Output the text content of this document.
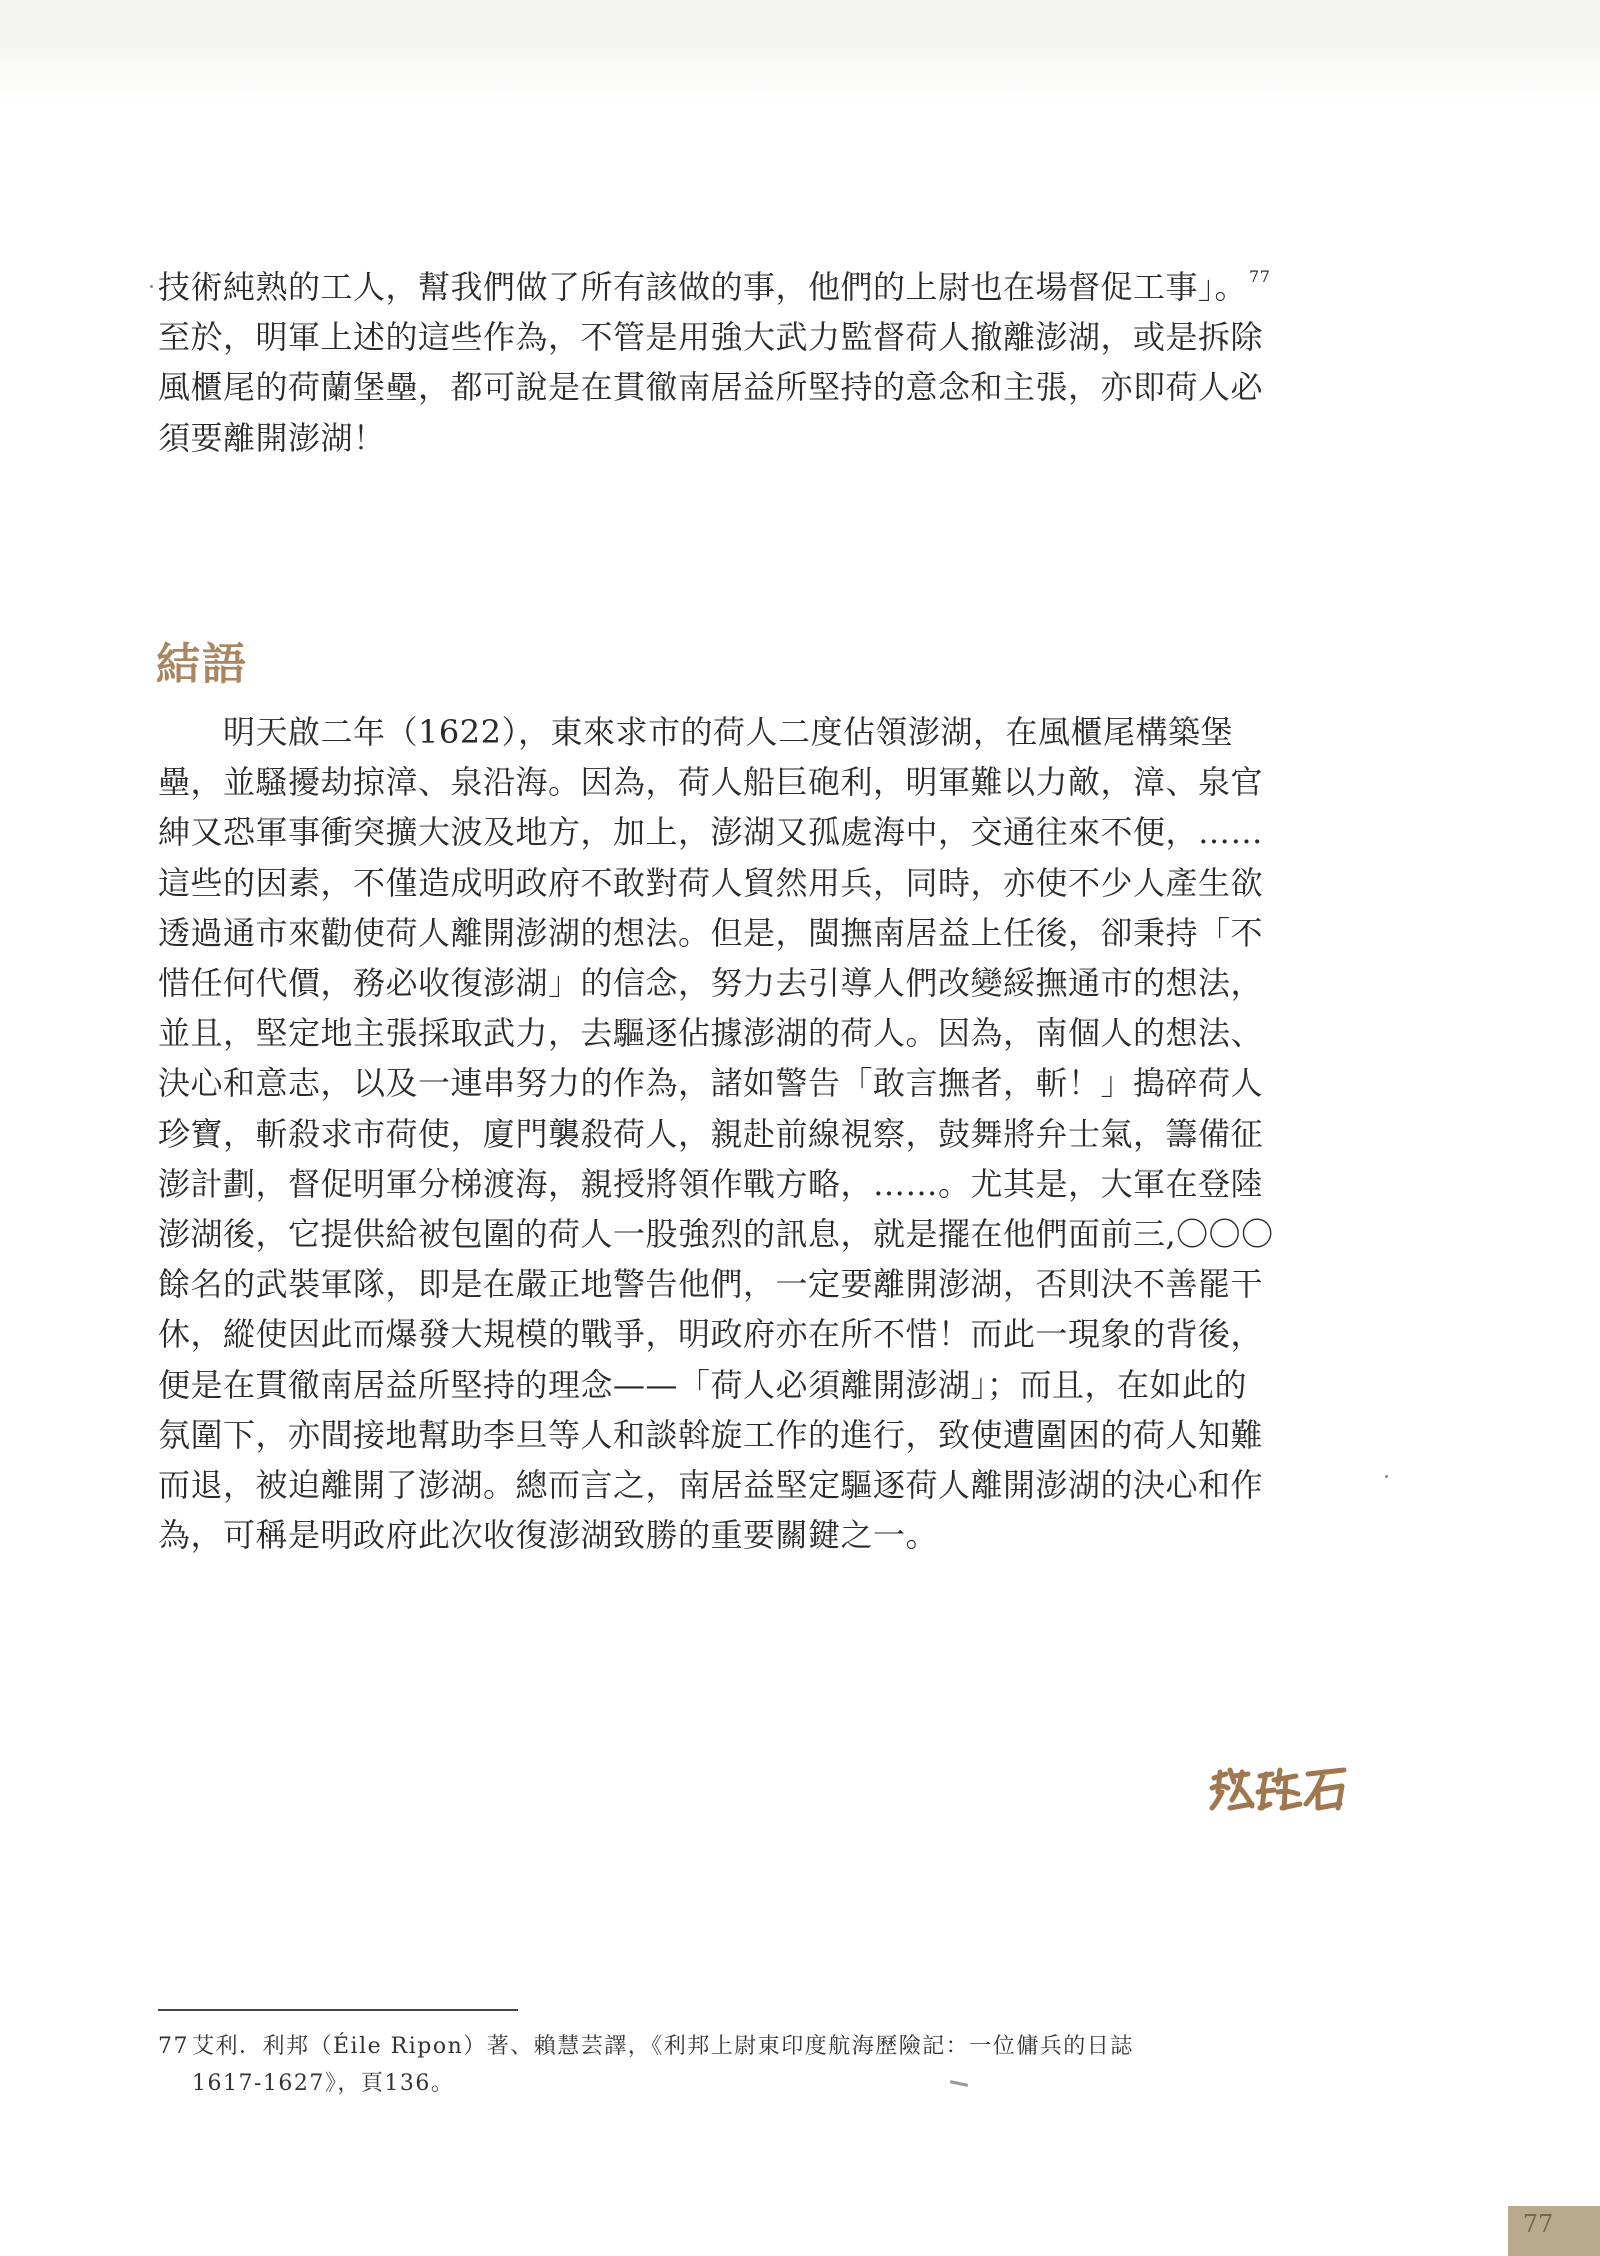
技術純熟的工人，幫我們做了所有該做的事，他們的上尉也在場督促工事」。 $^{77}$
至於，明軍上述的這些作為，不管是用強大武力監督荷人撤離澎湖，或是拆除
風櫃尾的荷蘭堡壘，都可說是在貫徹南居益所堅持的意念和主張，亦即荷人必
須要離開澎湖！
結語
　　明天啟二年（1622），東來求市的荷人二度佔領澎湖，在風櫃尾構築堡
壘，並騷擾劫掠漳、泉沿海。因為，荷人船巨砲利，明軍難以力敵，漳、泉官
紳又恐軍事衝突擴大波及地方，加上，澎湖又孤處海中，交通往來不便，……
這些的因素，不僅造成明政府不敢對荷人貿然用兵，同時，亦使不少人產生欲
透過通市來勸使荷人離開澎湖的想法。但是，閩撫南居益上任後，卻秉持「不
惜任何代價，務必收復澎湖」的信念，努力去引導人們改變綏撫通市的想法，
並且，堅定地主張採取武力，去驅逐佔據澎湖的荷人。因為，南個人的想法、
決心和意志，以及一連串努力的作為，諸如警告「敢言撫者，斬！」搗碎荷人
珍寶，斬殺求市荷使，廈門襲殺荷人，親赴前線視察，鼓舞將弁士氣，籌備征
澎計劃，督促明軍分梯渡海，親授將領作戰方略，……。尤其是，大軍在登陸
澎湖後，它提供給被包圍的荷人一股強烈的訊息，就是擺在他們面前三,〇〇〇
餘名的武裝軍隊，即是在嚴正地警告他們，一定要離開澎湖，否則決不善罷干
休，縱使因此而爆發大規模的戰爭，明政府亦在所不惜！而此一現象的背後，
便是在貫徹南居益所堅持的理念——「荷人必須離開澎湖」；而且，在如此的
氛圍下，亦間接地幫助李旦等人和談斡旋工作的進行，致使遭圍困的荷人知難
而退，被迫離開了澎湖。總而言之，南居益堅定驅逐荷人離開澎湖的決心和作
為，可稱是明政府此次收復澎湖致勝的重要關鍵之一。
77 艾利．利邦（Éile Ripon）著、賴慧芸譯，《利邦上尉東印度航海歷險記：一位傭兵的日誌
1617-1627》，頁136。
77
